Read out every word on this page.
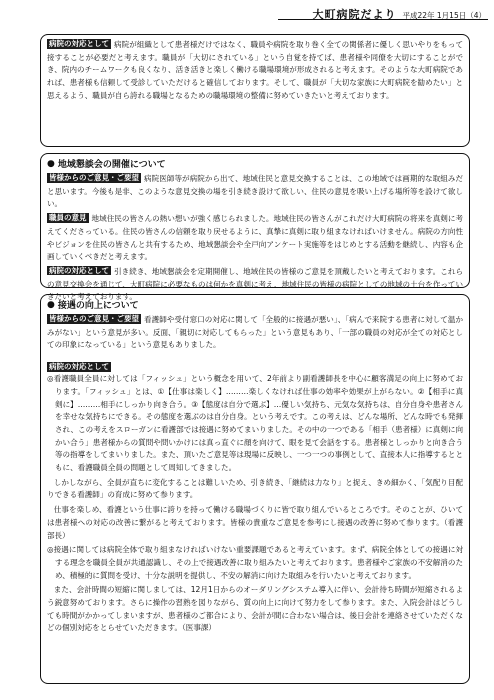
大町病院だより 平成22年 1月15日（4）

病院の対応として 病院が組織として患者様だけではなく、職員や病院を取り巻く全ての関係者に優しく思いやりをもって接することが必要だと考えます。職員が「大切にされている」という自覚を持てば、患者様や同僚を大切にすることができ、院内のチームワークも良くなり、活き活きと楽しく働ける職場環境が形成されると考えます。そのような大町病院であれば、患者様も信頼して受診していただけると確信しております。そして、職員が「大切な家族に大町病院を勧めたい」と思えるよう、職員が自ら誇れる職場となるための職場環境の整備に努めていきたいと考えております。

● 地域懇談会の開催について

皆様からのご意見・ご要望 病院医師等が病院から出て、地域住民と意見交換することは、この地域では画期的な取組みだと思います。今後も是非、このような意見交換の場を引き続き設けて欲しい、住民の意見を吸い上げる場所等を設けて欲しい。

職員の意見 地域住民の皆さんの熱い想いが強く感じられました。地域住民の皆さんがこれだけ大町病院の将来を真剣に考えてくださっている。住民の皆さんの信頼を取り戻せるように、真摯に真剣に取り組まなければいけません。病院の方向性やビジョンを住民の皆さんと共有するため、地域懇談会や全戸向アンケート実施等をはじめとする活動を継続し、内容も企画していくべきだと考えます。

病院の対応として 引き続き、地域懇談会を定期開催し、地域住民の皆様のご意見を頂戴したいと考えております。これらの意見交換会を通じて、大町病院に必要なものは何かを真剣に考え、地域住民の皆様の病院としての地域の土台を作っていきたいと考えております。

● 接遇の向上について

皆様からのご意見・ご要望 看護師や受付窓口の対応に関して「全般的に接遇が悪い」、「病んで来院する患者に対して温かみがない」という意見が多い。反面、「親切に対応してもらった」という意見もあり、「一部の職員の対応が全ての対応としての印象になっている」という意見もありました。

病院の対応として

◎看護職員全員に対しては「フィッシュ」という概念を用いて、2年前より副看護師長を中心に顧客満足の向上に努めております。「フィッシュ」とは、①【仕事は楽しく】………楽しくなければ仕事の効率や効果が上がらない。②【相手に真剣に】………相手にしっかり向き合う。③【態度は自分で選ぶ】…優しい気持ち、元気な気持ちは、自分自身や患者さんを幸せな気持ちにできる。その態度を選ぶのは自分自身。という考えです。この考えは、どんな場所、どんな時でも発揮され、この考えをスローガンに看護部では接遇に努めてまいりました。その中の一つである「相手（患者様）に真剣に向かい合う」患者様からの質問や問いかけには真っ直ぐに顔を向けて、眼を見て会話をする。患者様としっかりと向き合う等の指導をしてまいりました。また、頂いたご意見等は現場に反映し、一つ一つの事例として、直接本人に指導するとともに、看護職員全員の問題として周知してきました。

しかしながら、全員が直ちに変化することは難しいため、引き続き、「継続は力なり」と捉え、きめ細かく、「気配り目配りできる看護師」の育成に努めて参ります。

仕事を楽しめ、看護という仕事に誇りを持って働ける職場づくりに皆で取り組んでいるところです。そのことが、ひいては患者様への対応の改善に繋がると考えております。皆様の貴重なご意見を参考にし接遇の改善に努めて参ります。（看護部長）

◎接遇に関しては病院全体で取り組まなければいけない重要課題であると考えています。まず、病院全体としての接遇に対する理念を職員全員が共通認識し、その上で接遇改善に取り組みたいと考えております。患者様やご家族の不安解消のため、積極的に質問を受け、十分な説明を提供し、不安の解消に向けた取組みを行いたいと考えております。

また、会計時間の短縮に関しましては、12月1日からのオーダリングシステム導入に伴い、会計待ち時間が短縮されるよう鋭意努めております。さらに操作の習熟を図りながら、質の向上に向けて努力をして参ります。また、入院会計はどうしても時間がかかってしまいますが、患者様のご都合により、会計が間に合わない場合は、後日会計を連絡させていただくなどの個別対応をとらせていただきます。（医事課）
